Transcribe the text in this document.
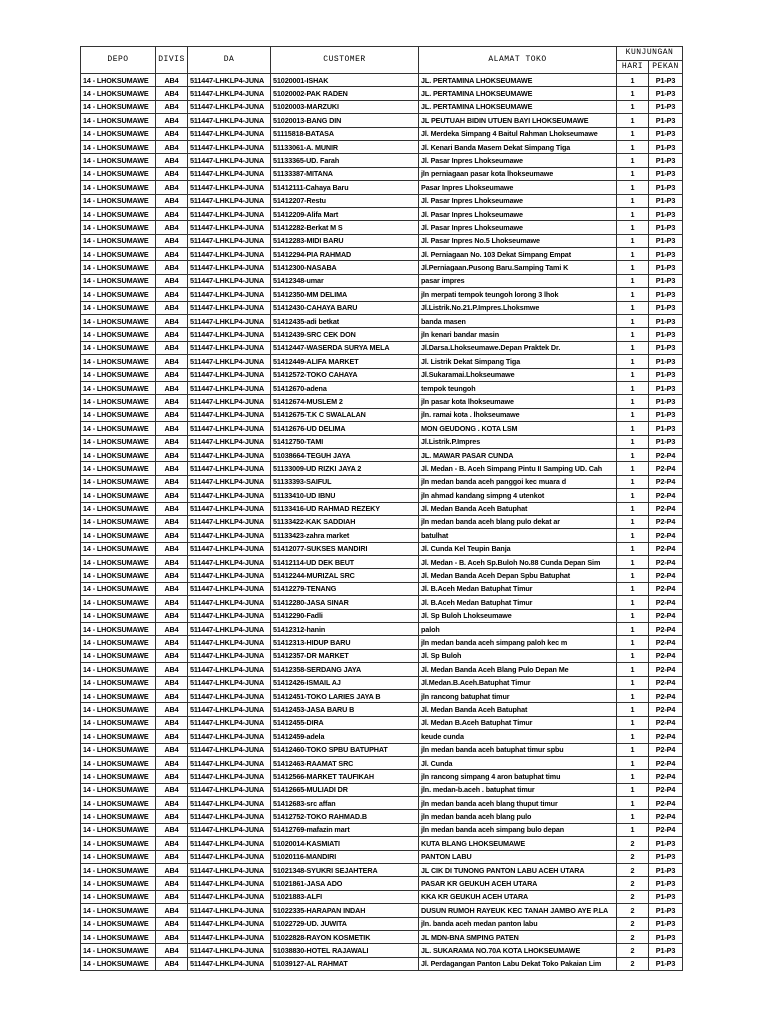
DEPO	DIVIS	DA	CUSTOMER	ALAMAT TOKO	KUNJUNGAN	
					HARI	PEKAN
14 - LHOKSUMAWE	AB4	511447-LHKLP4-JUNA	51020001-ISHAK	JL. PERTAMINA LHOKSEUMAWE	1	P1-P3
14 - LHOKSUMAWE	AB4	511447-LHKLP4-JUNA	51020002-PAK RADEN	JL. PERTAMINA LHOKSEUMAWE	1	P1-P3
14 - LHOKSUMAWE	AB4	511447-LHKLP4-JUNA	51020003-MARZUKI	JL. PERTAMINA LHOKSEUMAWE	1	P1-P3
14 - LHOKSUMAWE	AB4	511447-LHKLP4-JUNA	51020013-BANG DIN	JL PEUTUAH BIDIN UTUEN BAYI LHOKSEUMAWE	1	P1-P3
14 - LHOKSUMAWE	AB4	511447-LHKLP4-JUNA	51115818-BATASA	Jl. Merdeka Simpang 4 Baitul Rahman Lhokseumawe	1	P1-P3
14 - LHOKSUMAWE	AB4	511447-LHKLP4-JUNA	51133061-A. MUNIR	Jl. Kenari Banda Masem Dekat Simpang Tiga	1	P1-P3
14 - LHOKSUMAWE	AB4	511447-LHKLP4-JUNA	51133365-UD. Farah	Jl. Pasar Inpres Lhokseumawe	1	P1-P3
14 - LHOKSUMAWE	AB4	511447-LHKLP4-JUNA	51133387-MITANA	jln perniagaan pasar kota lhokseumawe	1	P1-P3
14 - LHOKSUMAWE	AB4	511447-LHKLP4-JUNA	51412111-Cahaya Baru	Pasar Inpres Lhokseumawe	1	P1-P3
14 - LHOKSUMAWE	AB4	511447-LHKLP4-JUNA	51412207-Restu	Jl. Pasar Inpres Lhokseumawe	1	P1-P3
14 - LHOKSUMAWE	AB4	511447-LHKLP4-JUNA	51412209-Alifa Mart	Jl. Pasar Inpres Lhokseumawe	1	P1-P3
14 - LHOKSUMAWE	AB4	511447-LHKLP4-JUNA	51412282-Berkat M S	Jl. Pasar Inpres Lhokseumawe	1	P1-P3
14 - LHOKSUMAWE	AB4	511447-LHKLP4-JUNA	51412283-MIDI BARU	Jl. Pasar Inpres No.5 Lhokseumawe	1	P1-P3
14 - LHOKSUMAWE	AB4	511447-LHKLP4-JUNA	51412294-PIA RAHMAD	Jl. Perniagaan No. 103 Dekat Simpang Empat	1	P1-P3
14 - LHOKSUMAWE	AB4	511447-LHKLP4-JUNA	51412300-NASABA	Jl.Perniagaan.Pusong Baru.Samping Tami K	1	P1-P3
14 - LHOKSUMAWE	AB4	511447-LHKLP4-JUNA	51412348-umar	pasar impres	1	P1-P3
14 - LHOKSUMAWE	AB4	511447-LHKLP4-JUNA	51412350-MM DELIMA	jln merpati tempok teungoh lorong 3 lhok	1	P1-P3
14 - LHOKSUMAWE	AB4	511447-LHKLP4-JUNA	51412430-CAHAYA BARU	Jl.Listrik.No.21.P.Impres.Lhoksmwe	1	P1-P3
14 - LHOKSUMAWE	AB4	511447-LHKLP4-JUNA	51412435-adi betkat	banda masen	1	P1-P3
14 - LHOKSUMAWE	AB4	511447-LHKLP4-JUNA	51412439-SRC CEK DON	jln kenari bandar masin	1	P1-P3
14 - LHOKSUMAWE	AB4	511447-LHKLP4-JUNA	51412447-WASERDA SURYA MELA	Jl.Darsa.Lhokseumawe.Depan Praktek Dr.	1	P1-P3
14 - LHOKSUMAWE	AB4	511447-LHKLP4-JUNA	51412449-ALIFA MARKET	Jl. Listrik Dekat Simpang Tiga	1	P1-P3
14 - LHOKSUMAWE	AB4	511447-LHKLP4-JUNA	51412572-TOKO CAHAYA	Jl.Sukaramai.Lhokseumawe	1	P1-P3
14 - LHOKSUMAWE	AB4	511447-LHKLP4-JUNA	51412670-adena	tempok teungoh	1	P1-P3
14 - LHOKSUMAWE	AB4	511447-LHKLP4-JUNA	51412674-MUSLEM 2	jln pasar kota lhokseumawe	1	P1-P3
14 - LHOKSUMAWE	AB4	511447-LHKLP4-JUNA	51412675-T.K C SWALALAN	jln. ramai kota . lhokseumawe	1	P1-P3
14 - LHOKSUMAWE	AB4	511447-LHKLP4-JUNA	51412676-UD DELIMA	MON GEUDONG . KOTA LSM	1	P1-P3
14 - LHOKSUMAWE	AB4	511447-LHKLP4-JUNA	51412750-TAMI	Jl.Listrik.P.Impres	1	P1-P3
14 - LHOKSUMAWE	AB4	511447-LHKLP4-JUNA	51038664-TEGUH JAYA	JL. MAWAR PASAR CUNDA	1	P2-P4
14 - LHOKSUMAWE	AB4	511447-LHKLP4-JUNA	51133009-UD RIZKI JAYA 2	Jl. Medan - B. Aceh Simpang Pintu II Samping UD. Cah	1	P2-P4
14 - LHOKSUMAWE	AB4	511447-LHKLP4-JUNA	51133393-SAIFUL	jln medan banda aceh panggoi kec muara d	1	P2-P4
14 - LHOKSUMAWE	AB4	511447-LHKLP4-JUNA	51133410-UD IBNU	jln ahmad kandang simpng 4 utenkot	1	P2-P4
14 - LHOKSUMAWE	AB4	511447-LHKLP4-JUNA	51133416-UD RAHMAD REZEKY	Jl. Medan Banda Aceh Batuphat	1	P2-P4
14 - LHOKSUMAWE	AB4	511447-LHKLP4-JUNA	51133422-KAK SADDIAH	jln medan banda aceh blang pulo dekat ar	1	P2-P4
14 - LHOKSUMAWE	AB4	511447-LHKLP4-JUNA	51133423-zahra market	batulhat	1	P2-P4
14 - LHOKSUMAWE	AB4	511447-LHKLP4-JUNA	51412077-SUKSES MANDIRI	Jl. Cunda Kel Teupin Banja	1	P2-P4
14 - LHOKSUMAWE	AB4	511447-LHKLP4-JUNA	51412114-UD DEK BEUT	Jl. Medan - B. Aceh Sp.Buloh No.88 Cunda Depan Sim	1	P2-P4
14 - LHOKSUMAWE	AB4	511447-LHKLP4-JUNA	51412244-MURIZAL SRC	Jl. Medan Banda Aceh Depan Spbu Batuphat	1	P2-P4
14 - LHOKSUMAWE	AB4	511447-LHKLP4-JUNA	51412279-TENANG	Jl. B.Aceh Medan Batuphat Timur	1	P2-P4
14 - LHOKSUMAWE	AB4	511447-LHKLP4-JUNA	51412280-JASA SINAR	Jl. B.Aceh Medan Batuphat Timur	1	P2-P4
14 - LHOKSUMAWE	AB4	511447-LHKLP4-JUNA	51412290-Fadli	Jl. Sp Buloh Lhokseumawe	1	P2-P4
14 - LHOKSUMAWE	AB4	511447-LHKLP4-JUNA	51412312-hanin	paloh	1	P2-P4
14 - LHOKSUMAWE	AB4	511447-LHKLP4-JUNA	51412313-HIDUP BARU	jln medan banda aceh simpang paloh kec m	1	P2-P4
14 - LHOKSUMAWE	AB4	511447-LHKLP4-JUNA	51412357-DR MARKET	Jl. Sp Buloh	1	P2-P4
14 - LHOKSUMAWE	AB4	511447-LHKLP4-JUNA	51412358-SERDANG JAYA	Jl. Medan Banda Aceh Blang Pulo Depan Me	1	P2-P4
14 - LHOKSUMAWE	AB4	511447-LHKLP4-JUNA	51412426-ISMAIL AJ	Jl.Medan.B.Aceh.Batuphat Timur	1	P2-P4
14 - LHOKSUMAWE	AB4	511447-LHKLP4-JUNA	51412451-TOKO LARIES JAYA B	jln rancong batuphat timur	1	P2-P4
14 - LHOKSUMAWE	AB4	511447-LHKLP4-JUNA	51412453-JASA BARU B	Jl. Medan Banda Aceh Batuphat	1	P2-P4
14 - LHOKSUMAWE	AB4	511447-LHKLP4-JUNA	51412455-DIRA	Jl. Medan B.Aceh Batuphat Timur	1	P2-P4
14 - LHOKSUMAWE	AB4	511447-LHKLP4-JUNA	51412459-adela	keude cunda	1	P2-P4
14 - LHOKSUMAWE	AB4	511447-LHKLP4-JUNA	51412460-TOKO SPBU BATUPHAT	jln medan banda aceh batuphat timur spbu	1	P2-P4
14 - LHOKSUMAWE	AB4	511447-LHKLP4-JUNA	51412463-RAAMAT SRC	Jl. Cunda	1	P2-P4
14 - LHOKSUMAWE	AB4	511447-LHKLP4-JUNA	51412566-MARKET TAUFIKAH	jln rancong simpang 4 aron batuphat timu	1	P2-P4
14 - LHOKSUMAWE	AB4	511447-LHKLP4-JUNA	51412665-MULIADI DR	jln. medan-b.aceh . batuphat timur	1	P2-P4
14 - LHOKSUMAWE	AB4	511447-LHKLP4-JUNA	51412683-src affan	jln medan banda aceh blang thuput timur	1	P2-P4
14 - LHOKSUMAWE	AB4	511447-LHKLP4-JUNA	51412752-TOKO RAHMAD.B	jln medan banda aceh blang pulo	1	P2-P4
14 - LHOKSUMAWE	AB4	511447-LHKLP4-JUNA	51412769-mafazin mart	jln medan banda aceh simpang bulo depan	1	P2-P4
14 - LHOKSUMAWE	AB4	511447-LHKLP4-JUNA	51020014-KASMIATI	KUTA BLANG LHOKSEUMAWE	2	P1-P3
14 - LHOKSUMAWE	AB4	511447-LHKLP4-JUNA	51020116-MANDIRI	PANTON LABU	2	P1-P3
14 - LHOKSUMAWE	AB4	511447-LHKLP4-JUNA	51021348-SYUKRI SEJAHTERA	JL CIK DI TUNONG PANTON LABU ACEH UTARA	2	P1-P3
14 - LHOKSUMAWE	AB4	511447-LHKLP4-JUNA	51021861-JASA ADO	PASAR KR GEUKUH ACEH UTARA	2	P1-P3
14 - LHOKSUMAWE	AB4	511447-LHKLP4-JUNA	51021883-ALFI	KKA KR GEUKUH ACEH UTARA	2	P1-P3
14 - LHOKSUMAWE	AB4	511447-LHKLP4-JUNA	51022335-HARAPAN INDAH	DUSUN RUMOH RAYEUK KEC TANAH JAMBO AYE P.LA	2	P1-P3
14 - LHOKSUMAWE	AB4	511447-LHKLP4-JUNA	51022729-UD. JUWITA	jln. banda aceh medan panton labu	2	P1-P3
14 - LHOKSUMAWE	AB4	511447-LHKLP4-JUNA	51022828-RAYON KOSMETIK	JL MDN-BNA SMPING PATEN	2	P1-P3
14 - LHOKSUMAWE	AB4	511447-LHKLP4-JUNA	51038830-HOTEL RAJAWALI	JL. SUKARAMA NO.70A KOTA LHOKSEUMAWE	2	P1-P3
14 - LHOKSUMAWE	AB4	511447-LHKLP4-JUNA	51039127-AL RAHMAT	Jl. Perdagangan Panton Labu Dekat Toko Pakaian Lim	2	P1-P3
